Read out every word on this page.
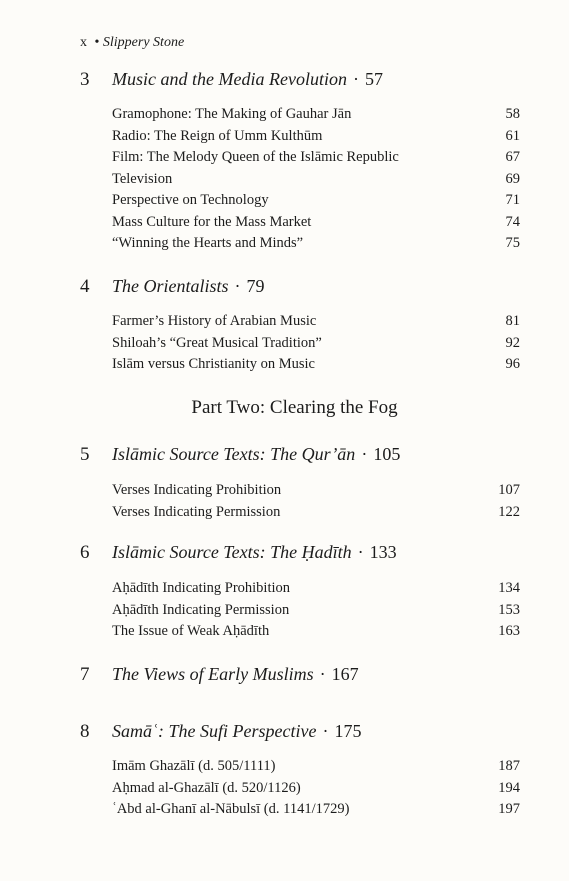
x • Slippery Stone
3	Music and the Media Revolution · 57
Gramophone: The Making of Gauhar Jān	58
Radio: The Reign of Umm Kulthūm	61
Film: The Melody Queen of the Islāmic Republic	67
Television	69
Perspective on Technology	71
Mass Culture for the Mass Market	74
“Winning the Hearts and Minds”	75
4	The Orientalists · 79
Farmer’s History of Arabian Music	81
Shiloah’s “Great Musical Tradition”	92
Islām versus Christianity on Music	96
Part Two: Clearing the Fog
5	Islāmic Source Texts: The Qur’ān · 105
Verses Indicating Prohibition	107
Verses Indicating Permission	122
6	Islāmic Source Texts: The Ḥadīth · 133
Aḥādīth Indicating Prohibition	134
Aḥādīth Indicating Permission	153
The Issue of Weak Aḥādīth	163
7	The Views of Early Muslims · 167
8	Samāʿ: The Sufi Perspective · 175
Imām Ghazālī (d. 505/1111)	187
Aḥmad al-Ghazālī (d. 520/1126)	194
ʿAbd al-Ghanī al-Nābulsī (d. 1141/1729)	197
